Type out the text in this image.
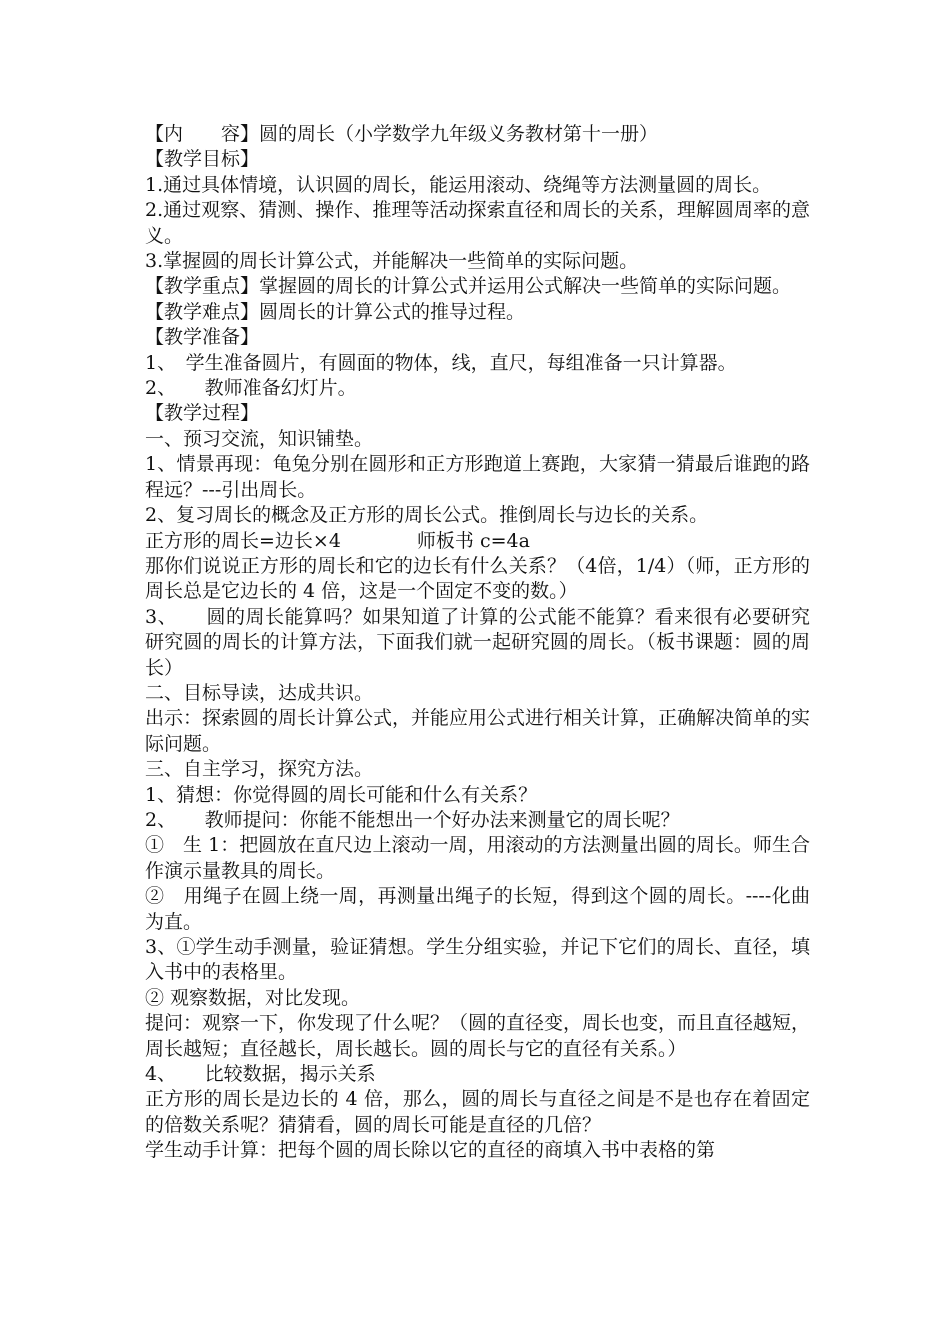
【内　　容】圆的周长（小学数学九年级义务教材第十一册）

【教学目标】

1.通过具体情境，认识圆的周长，能运用滚动、绕绳等方法测量圆的周长。

2.通过观察、猜测、操作、推理等活动探索直径和周长的关系，理解圆周率的意义。

3.掌握圆的周长计算公式，并能解决一些简单的实际问题。

【教学重点】掌握圆的周长的计算公式并运用公式解决一些简单的实际问题。

【教学难点】圆周长的计算公式的推导过程。

【教学准备】

1、　学生准备圆片，有圆面的物体，线，直尺，每组准备一只计算器。

2、　　教师准备幻灯片。

【教学过程】

一、预习交流，知识铺垫。

1、情景再现：龟兔分别在圆形和正方形跑道上赛跑，大家猜一猜最后谁跑的路程远？---引出周长。

2、复习周长的概念及正方形的周长公式。推倒周长与边长的关系。

正方形的周长=边长×4　　　　师板书 c=4a

那你们说说正方形的周长和它的边长有什么关系？（4倍，1/4）（师，正方形的周长总是它边长的 4 倍，这是一个固定不变的数。）

3、　　圆的周长能算吗？如果知道了计算的公式能不能算？看来很有必要研究研究圆的周长的计算方法，下面我们就一起研究圆的周长。（板书课题：圆的周长）

二、目标导读，达成共识。

出示：探索圆的周长计算公式，并能应用公式进行相关计算，正确解决简单的实际问题。

三、自主学习，探究方法。

1、猜想：你觉得圆的周长可能和什么有关系？

2、　　教师提问：你能不能想出一个好办法来测量它的周长呢？

①　生 1：把圆放在直尺边上滚动一周，用滚动的方法测量出圆的周长。师生合作演示量教具的周长。

②　用绳子在圆上绕一周，再测量出绳子的长短，得到这个圆的周长。----化曲为直。

3、①学生动手测量，验证猜想。学生分组实验，并记下它们的周长、直径，填入书中的表格里。

② 观察数据，对比发现。

提问：观察一下，你发现了什么呢？（圆的直径变，周长也变，而且直径越短，周长越短；直径越长，周长越长。圆的周长与它的直径有关系。）

4、　　比较数据，揭示关系

正方形的周长是边长的 4 倍，那么，圆的周长与直径之间是不是也存在着固定的倍数关系呢？猜猜看，圆的周长可能是直径的几倍？

学生动手计算：把每个圆的周长除以它的直径的商填入书中表格的第
